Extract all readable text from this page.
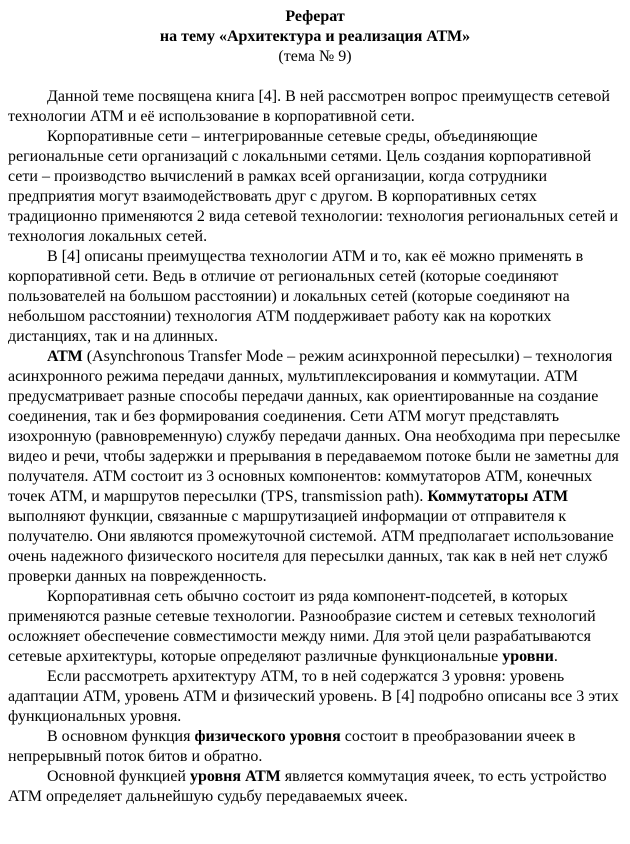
Реферат
на тему «Архитектура и реализация АТМ»
(тема № 9)

Данной теме посвящена книга [4]. В ней рассмотрен вопрос преимуществ сетевой технологии АТМ и её использование в корпоративной сети.

Корпоративные сети – интегрированные сетевые среды, объединяющие региональные сети организаций с локальными сетями. Цель создания корпоративной сети – производство вычислений в рамках всей организации, когда сотрудники предприятия могут взаимодействовать друг с другом. В корпоративных сетях традиционно применяются 2 вида сетевой технологии: технология региональных сетей и технология локальных сетей.

В [4] описаны преимущества технологии АТМ и то, как её можно применять в корпоративной сети. Ведь в отличие от региональных сетей (которые соединяют пользователей на большом расстоянии) и локальных сетей (которые соединяют на небольшом расстоянии) технология АТМ поддерживает работу как на коротких дистанциях, так и на длинных.

АТМ (Asynchronous Transfer Mode – режим асинхронной пересылки) – технология асинхронного режима передачи данных, мультиплексирования и коммутации. АТМ предусматривает разные способы передачи данных, как ориентированные на создание соединения, так и без формирования соединения. Сети АТМ могут представлять изохронную (равновременную) службу передачи данных. Она необходима при пересылке видео и речи, чтобы задержки и прерывания в передаваемом потоке были не заметны для получателя. АТМ состоит из 3 основных компонентов: коммутаторов АТМ, конечных точек АТМ, и маршрутов пересылки (TPS, transmission path). Коммутаторы АТМ выполняют функции, связанные с маршрутизацией информации от отправителя к получателю. Они являются промежуточной системой. АТМ предполагает использование очень надежного физического носителя для пересылки данных, так как в ней нет служб проверки данных на поврежденность.

Корпоративная сеть обычно состоит из ряда компонент-подсетей, в которых применяются разные сетевые технологии. Разнообразие систем и сетевых технологий осложняет обеспечение совместимости между ними. Для этой цели разрабатываются сетевые архитектуры, которые определяют различные функциональные уровни.

Если рассмотреть архитектуру АТМ, то в ней содержатся 3 уровня: уровень адаптации АТМ, уровень АТМ и физический уровень. В [4] подробно описаны все 3 этих функциональных уровня.

В основном функция физического уровня состоит в преобразовании ячеек в непрерывный поток битов и обратно.

Основной функцией уровня АТМ является коммутация ячеек, то есть устройство АТМ определяет дальнейшую судьбу передаваемых ячеек.
